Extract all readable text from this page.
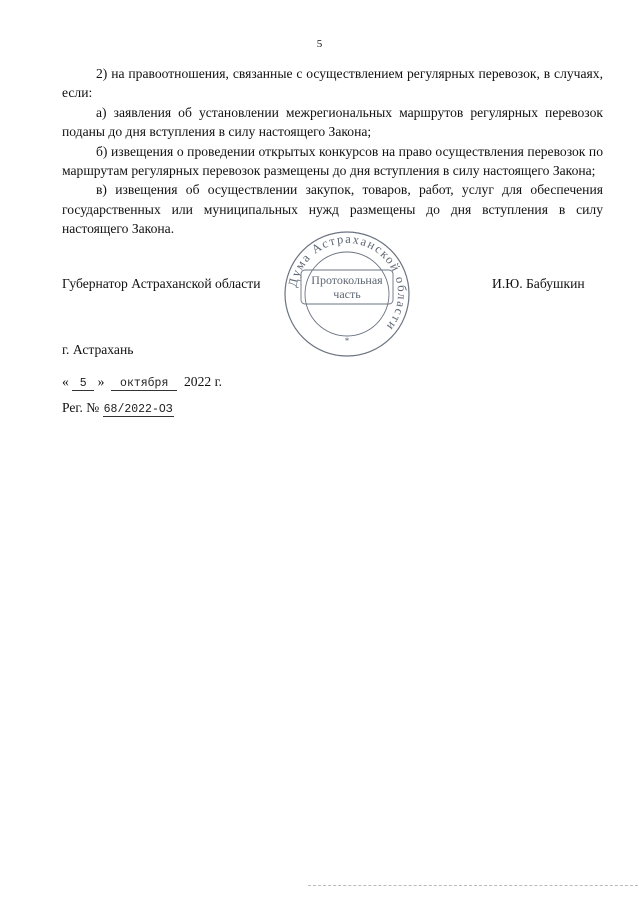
5

2) на правоотношения, связанные с осуществлением регулярных перевозок, в случаях, если:

а) заявления об установлении межрегиональных маршрутов регулярных перевозок поданы до дня вступления в силу настоящего Закона;

б) извещения о проведении открытых конкурсов на право осуществления перевозок по маршрутам регулярных перевозок размещены до дня вступления в силу настоящего Закона;

в) извещения об осуществлении закупок, товаров, работ, услуг для обеспечения государственных или муниципальных нужд размещены до дня вступления в силу настоящего Закона.

Губернатор Астраханской области Дума Астраханской области
*
Протокольная
часть
И.Ю. Бабушкин
г. Астрахань
« 5 » октября 2022 г.
Рег. № 68/2022-ОЗ
